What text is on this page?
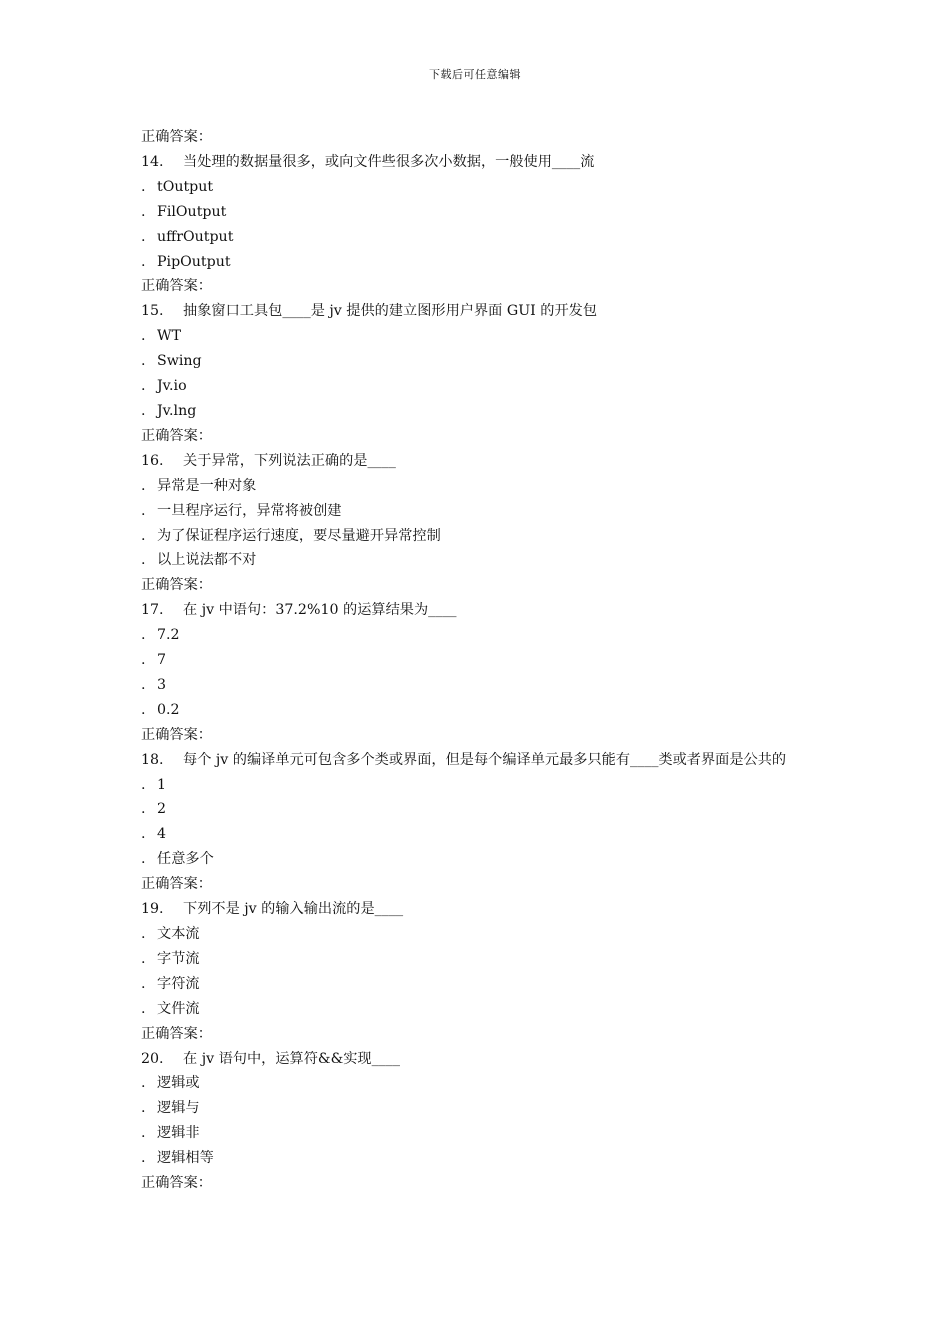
下载后可任意编辑

正确答案：

14. 当处理的数据量很多，或向文件些很多次小数据，一般使用____流

. tOutput

. FilOutput

. uffrOutput

. PipOutput

正确答案：

15. 抽象窗口工具包____是 jv 提供的建立图形用户界面 GUI 的开发包

. WT

. Swing

. Jv.io

. Jv.lng

正确答案：

16. 关于异常，下列说法正确的是____

. 异常是一种对象

. 一旦程序运行，异常将被创建

. 为了保证程序运行速度，要尽量避开异常控制

. 以上说法都不对

正确答案：

17. 在 jv 中语句：37.2%10 的运算结果为____

. 7.2

. 7

. 3

. 0.2

正确答案：

18. 每个 jv 的编译单元可包含多个类或界面，但是每个编译单元最多只能有____类或者界面是公共的

. 1

. 2

. 4

. 任意多个

正确答案：

19. 下列不是 jv 的输入输出流的是____

. 文本流

. 字节流

. 字符流

. 文件流

正确答案：

20. 在 jv 语句中，运算符&&实现____

. 逻辑或

. 逻辑与

. 逻辑非

. 逻辑相等

正确答案：
